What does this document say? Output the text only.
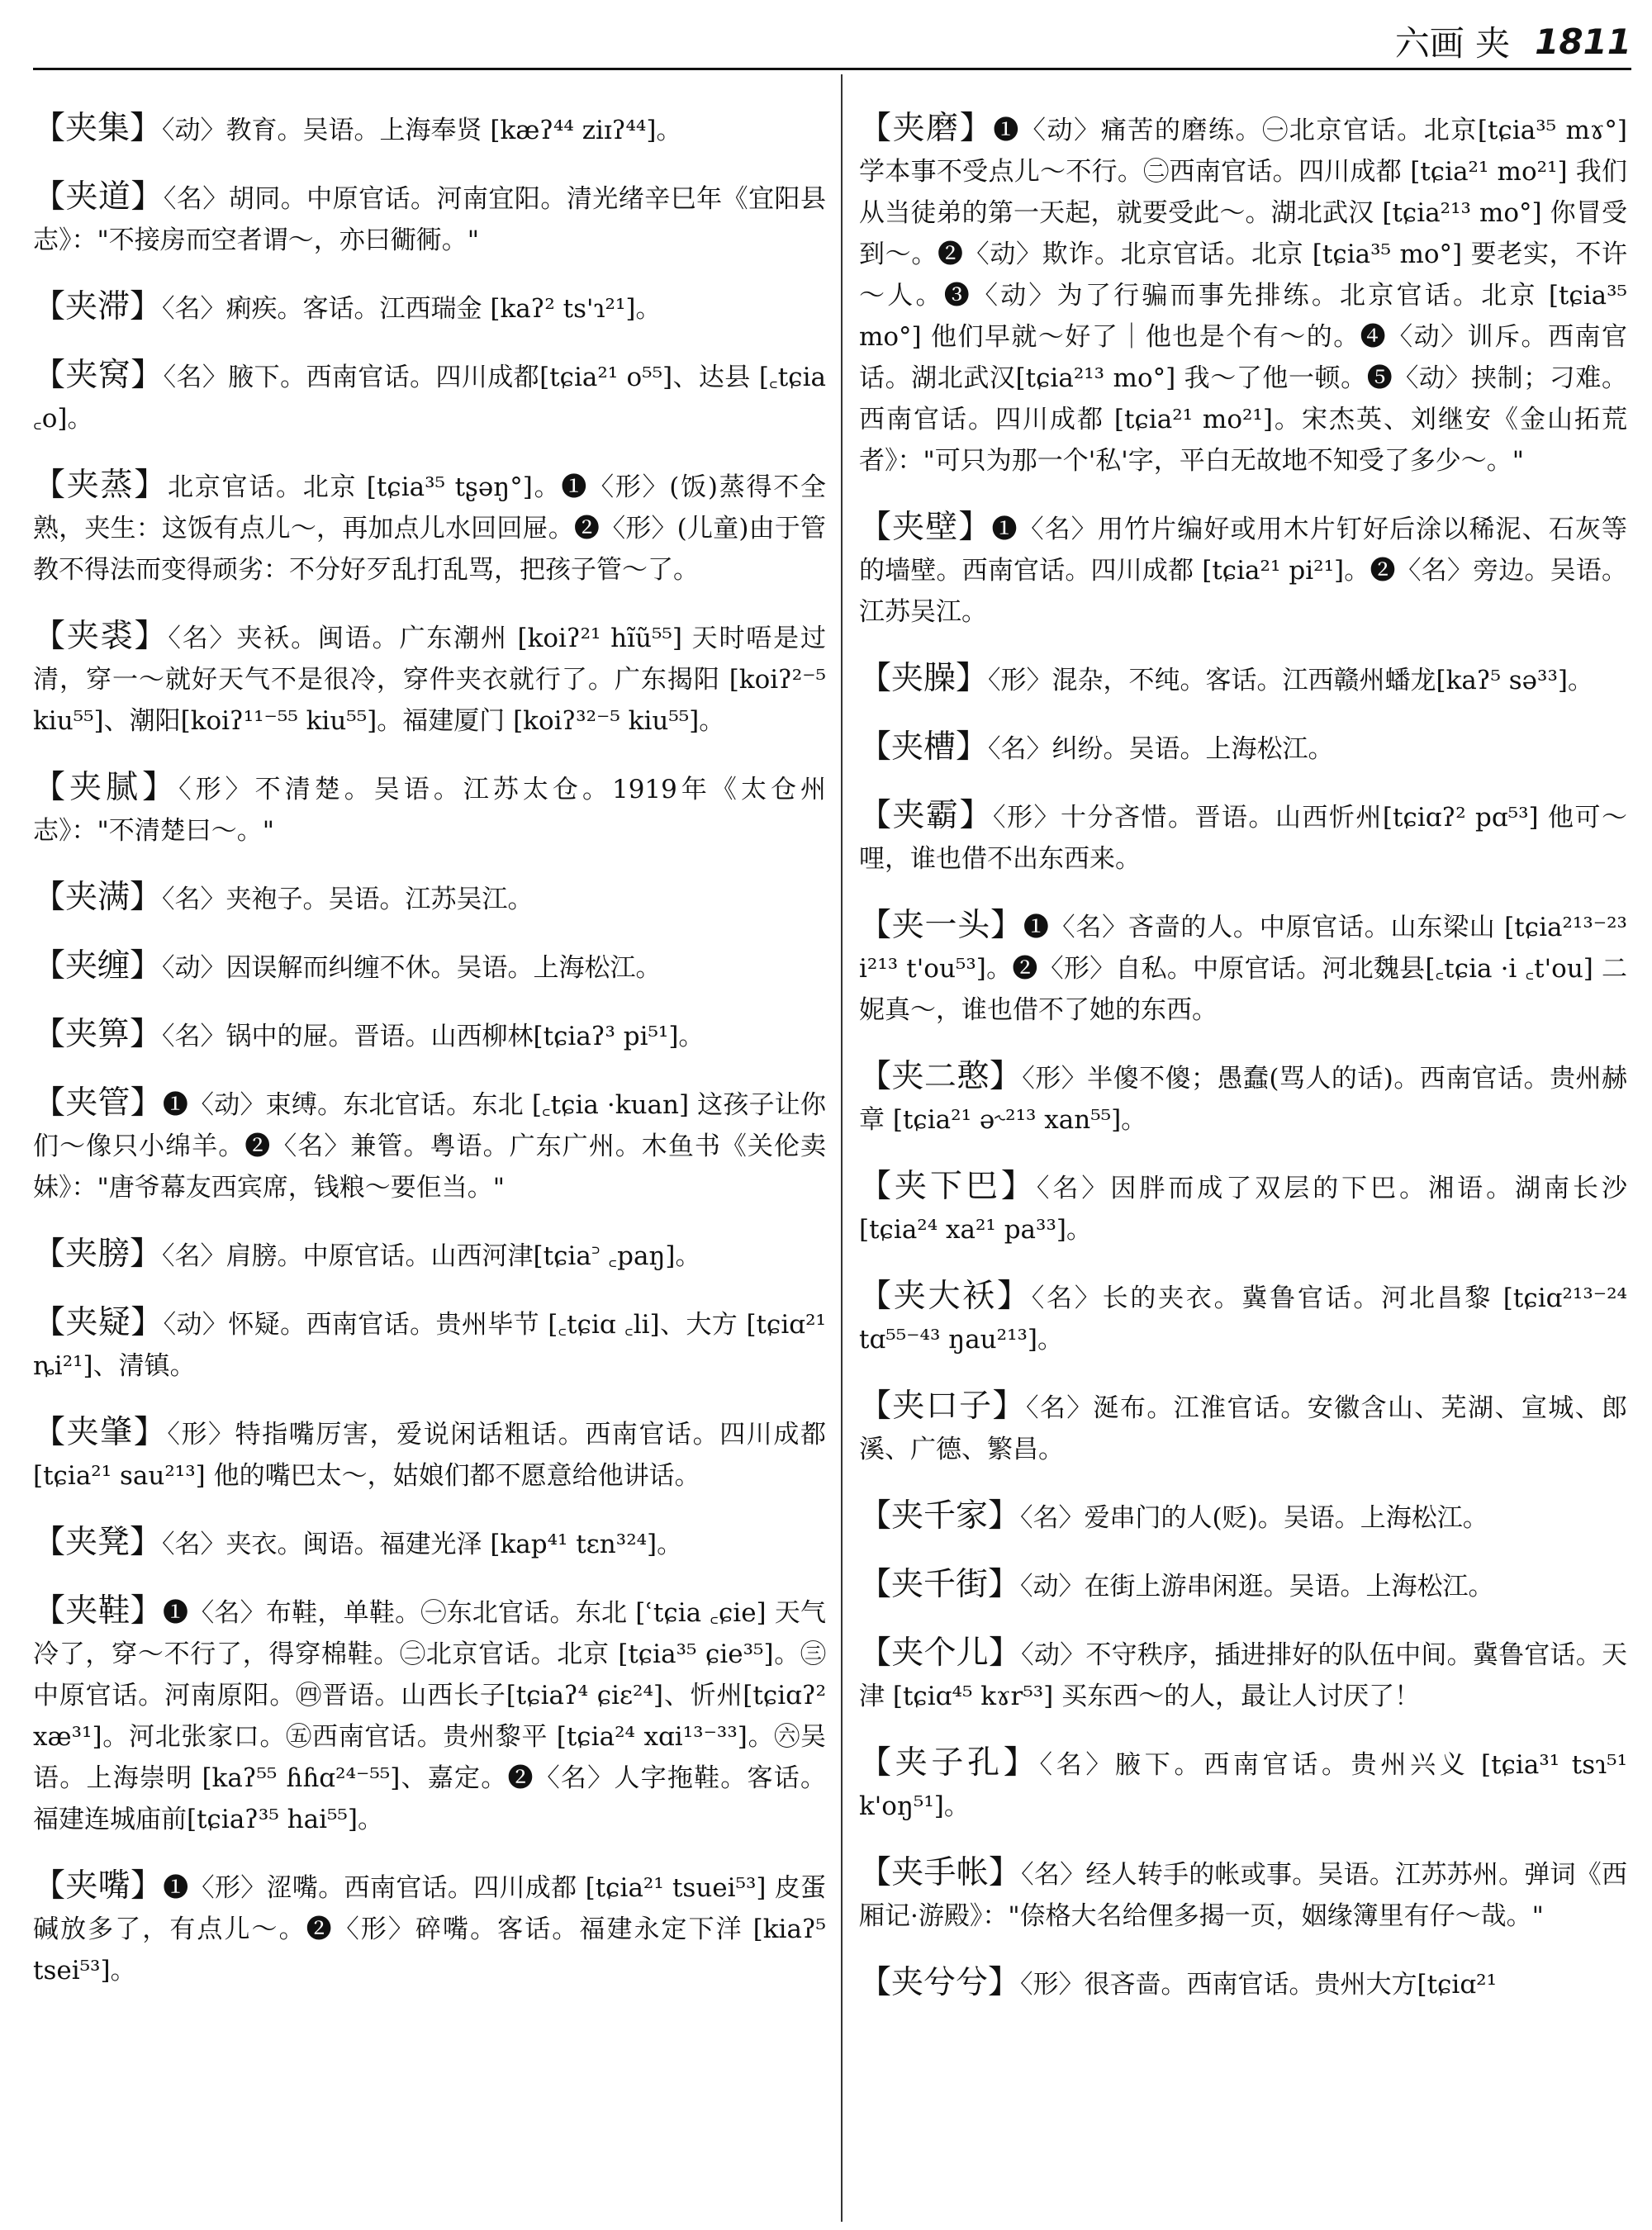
六画 夹 1811

【夹集】〈动〉教育。吴语。上海奉贤 [kæʔ⁴⁴ ziɪʔ⁴⁴]。

【夹道】〈名〉胡同。中原官话。河南宜阳。清光绪辛巳年《宜阳县志》："不接房而空者谓～，亦曰衚衕。"

【夹滞】〈名〉痢疾。客话。江西瑞金 [kaʔ² ts'ɿ²¹]。

【夹窝】〈名〉腋下。西南官话。四川成都[tɕia²¹ o⁵⁵]、达县 [꜀tɕia ꜀o]。

【夹蒸】北京官话。北京 [tɕia³⁵ tʂəŋ°]。❶〈形〉(饭)蒸得不全熟，夹生：这饭有点儿～，再加点儿水回回屉。❷〈形〉(儿童)由于管教不得法而变得顽劣：不分好歹乱打乱骂，把孩子管～了。

【夹裘】〈名〉夹袄。闽语。广东潮州 [koiʔ²¹ hĩũ⁵⁵] 天时唔是过清，穿一～就好天气不是很冷，穿件夹衣就行了。广东揭阳 [koiʔ²⁻⁵ kiu⁵⁵]、潮阳[koiʔ¹¹⁻⁵⁵ kiu⁵⁵]。福建厦门 [koiʔ³²⁻⁵ kiu⁵⁵]。

【夹腻】〈形〉不清楚。吴语。江苏太仓。1919年《太仓州志》："不清楚曰～。"

【夹满】〈名〉夹袍子。吴语。江苏吴江。

【夹缠】〈动〉因误解而纠缠不休。吴语。上海松江。

【夹箅】〈名〉锅中的屉。晋语。山西柳林[tɕiaʔ³ pi⁵¹]。

【夹管】❶〈动〉束缚。东北官话。东北 [꜀tɕia ·kuan] 这孩子让你们～像只小绵羊。❷〈名〉兼管。粤语。广东广州。木鱼书《关伦卖妹》："唐爷幕友西宾席，钱粮～要佢当。"

【夹膀】〈名〉肩膀。中原官话。山西河津[tɕia꜄ ꜀paŋ]。

【夹疑】〈动〉怀疑。西南官话。贵州毕节 [꜀tɕiɑ ꜀li]、大方 [tɕiɑ²¹ ȵi²¹]、清镇。

【夹肇】〈形〉特指嘴厉害，爱说闲话粗话。西南官话。四川成都 [tɕia²¹ sau²¹³] 他的嘴巴太～，姑娘们都不愿意给他讲话。

【夹凳】〈名〉夹衣。闽语。福建光泽 [kap⁴¹ tɛn³²⁴]。

【夹鞋】❶〈名〉布鞋，单鞋。㊀东北官话。东北 [ʿtɕia ꜀ɕie] 天气冷了，穿～不行了，得穿棉鞋。㊁北京官话。北京 [tɕia³⁵ ɕie³⁵]。㊂中原官话。河南原阳。㊃晋语。山西长子[tɕiaʔ⁴ ɕiɛ²⁴]、忻州[tɕiɑʔ² xæ³¹]。河北张家口。㊄西南官话。贵州黎平 [tɕia²⁴ xɑi¹³⁻³³]。㊅吴语。上海崇明 [kaʔ⁵⁵ ɦɦɑ²⁴⁻⁵⁵]、嘉定。❷〈名〉人字拖鞋。客话。福建连城庙前[tɕiaʔ³⁵ hai⁵⁵]。

【夹嘴】❶〈形〉涩嘴。西南官话。四川成都 [tɕia²¹ tsuei⁵³] 皮蛋碱放多了，有点儿～。❷〈形〉碎嘴。客话。福建永定下洋 [kiaʔ⁵ tsei⁵³]。

【夹磨】❶〈动〉痛苦的磨练。㊀北京官话。北京[tɕia³⁵ mɤ°] 学本事不受点儿～不行。㊁西南官话。四川成都 [tɕia²¹ mo²¹] 我们从当徒弟的第一天起，就要受此～。湖北武汉 [tɕia²¹³ mo°] 你冒受到～。❷〈动〉欺诈。北京官话。北京 [tɕia³⁵ mo°] 要老实，不许～人。❸〈动〉为了行骗而事先排练。北京官话。北京 [tɕia³⁵ mo°] 他们早就～好了｜他也是个有～的。❹〈动〉训斥。西南官话。湖北武汉[tɕia²¹³ mo°] 我～了他一顿。❺〈动〉挟制；刁难。西南官话。四川成都 [tɕia²¹ mo²¹]。宋杰英、刘继安《金山拓荒者》："可只为那一个'私'字，平白无故地不知受了多少～。"

【夹壁】❶〈名〉用竹片编好或用木片钉好后涂以稀泥、石灰等的墙壁。西南官话。四川成都 [tɕia²¹ pi²¹]。❷〈名〉旁边。吴语。江苏吴江。

【夹臊】〈形〉混杂，不纯。客话。江西赣州蟠龙[kaʔ⁵ sə³³]。

【夹槽】〈名〉纠纷。吴语。上海松江。

【夹霸】〈形〉十分吝惜。晋语。山西忻州[tɕiɑʔ² pɑ⁵³] 他可～哩，谁也借不出东西来。

【夹一头】❶〈名〉吝啬的人。中原官话。山东梁山 [tɕia²¹³⁻²³ i²¹³ t'ou⁵³]。❷〈形〉自私。中原官话。河北魏县[꜀tɕia ·i ꜀t'ou] 二妮真～，谁也借不了她的东西。

【夹二憨】〈形〉半傻不傻；愚蠢(骂人的话)。西南官话。贵州赫章 [tɕia²¹ ə˞²¹³ xan⁵⁵]。

【夹下巴】〈名〉因胖而成了双层的下巴。湘语。湖南长沙 [tɕia²⁴ xa²¹ pa³³]。

【夹大袄】〈名〉长的夹衣。冀鲁官话。河北昌黎 [tɕiɑ²¹³⁻²⁴ tɑ⁵⁵⁻⁴³ ŋau²¹³]。

【夹口子】〈名〉涎布。江淮官话。安徽含山、芜湖、宣城、郎溪、广德、繁昌。

【夹千家】〈名〉爱串门的人(贬)。吴语。上海松江。

【夹千街】〈动〉在街上游串闲逛。吴语。上海松江。

【夹个儿】〈动〉不守秩序，插进排好的队伍中间。冀鲁官话。天津 [tɕiɑ⁴⁵ kɤr⁵³] 买东西～的人，最让人讨厌了！

【夹子孔】〈名〉腋下。西南官话。贵州兴义 [tɕia³¹ tsɿ⁵¹ k'oŋ⁵¹]。

【夹手帐】〈名〉经人转手的帐或事。吴语。江苏苏州。弹词《西厢记·游殿》："倷格大名给俚多揭一页，姻缘簿里有仔～哉。"

【夹兮兮】〈形〉很吝啬。西南官话。贵州大方[tɕiɑ²¹
